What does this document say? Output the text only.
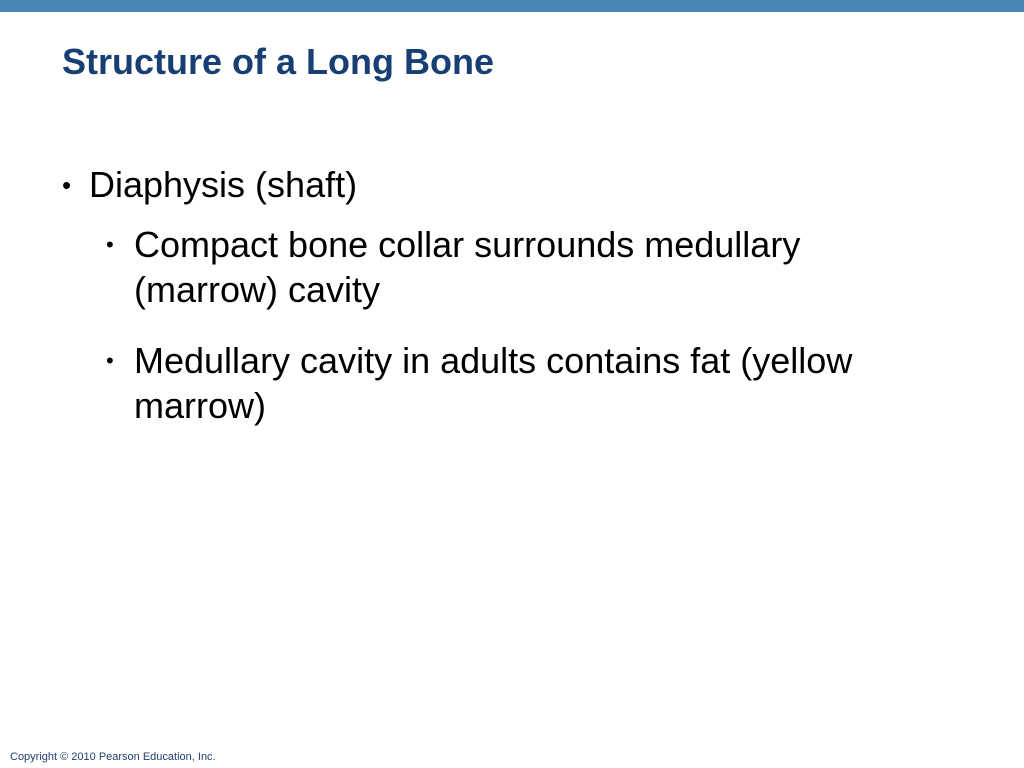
Structure of a Long Bone
• Diaphysis (shaft)
• Compact bone collar surrounds medullary (marrow) cavity
• Medullary cavity in adults contains fat (yellow marrow)
Copyright © 2010 Pearson Education, Inc.
